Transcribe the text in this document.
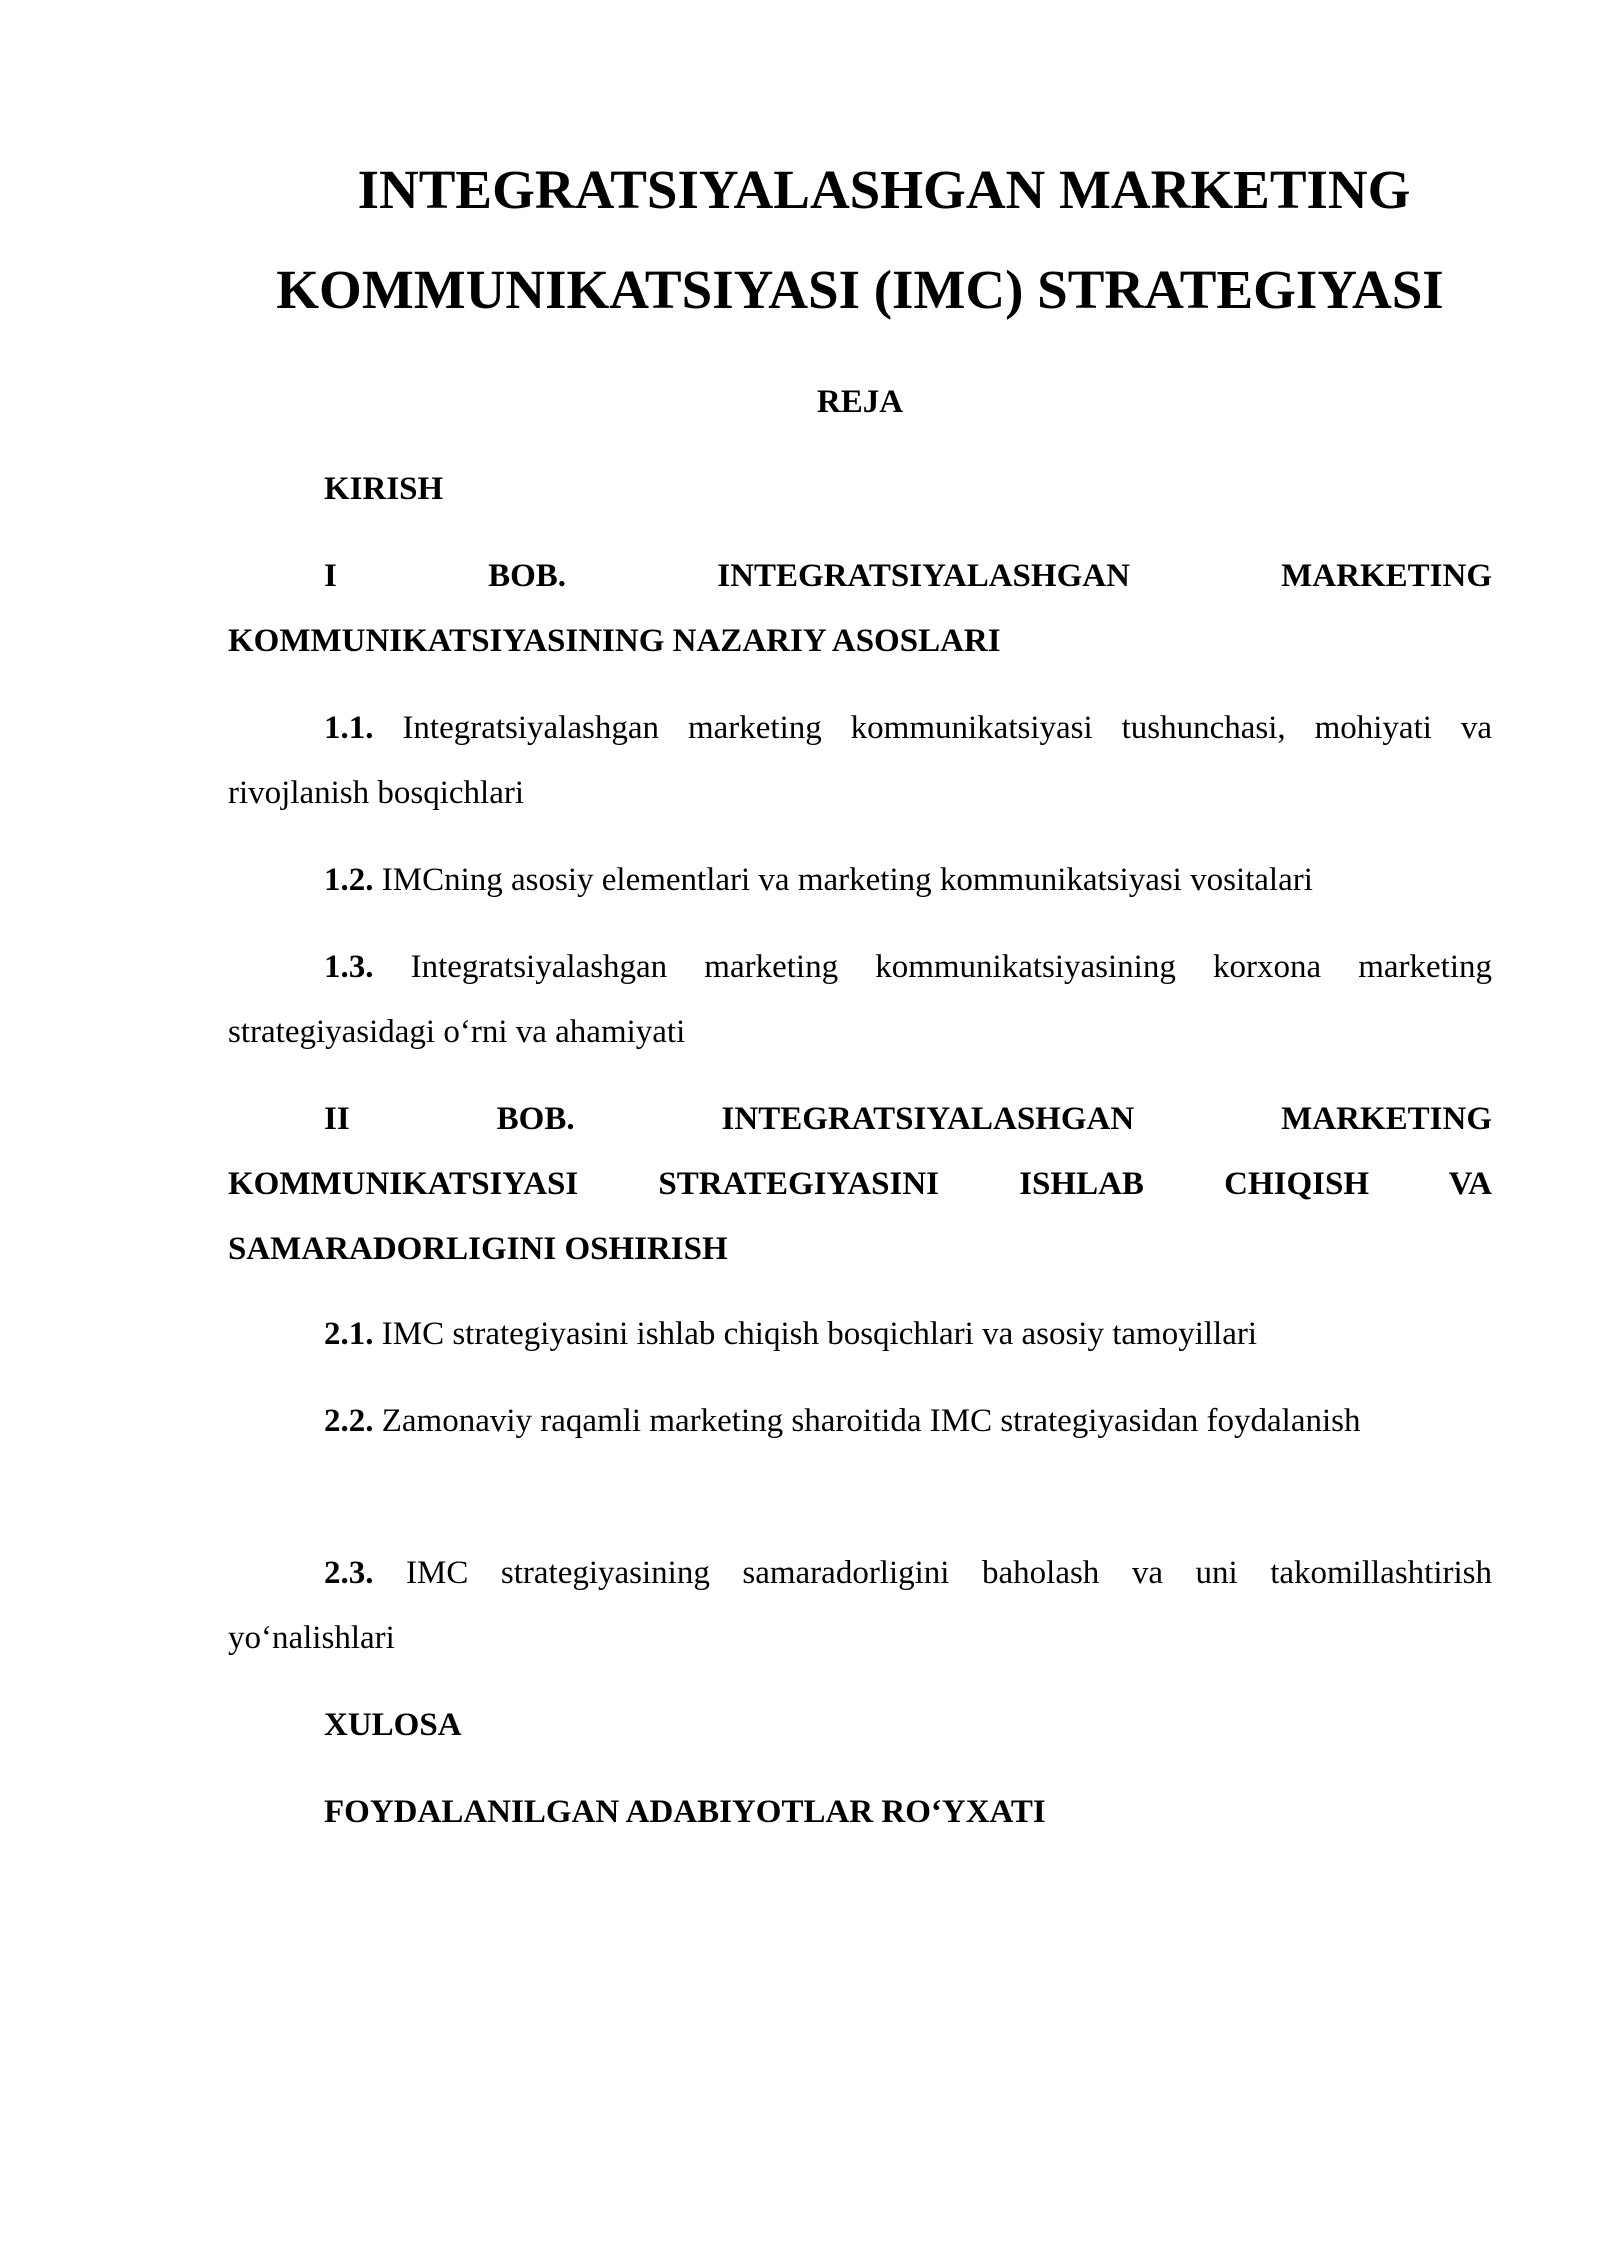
INTEGRATSIYALASHGAN MARKETING
KOMMUNIKATSIYASI (IMC) STRATEGIYASI
REJA
KIRISH
I BOB. INTEGRATSIYALASHGAN MARKETING
KOMMUNIKATSIYASINING NAZARIY ASOSLARI
1.1. Integratsiyalashgan marketing kommunikatsiyasi tushunchasi, mohiyati va rivojlanish bosqichlari
1.2. IMCning asosiy elementlari va marketing kommunikatsiyasi vositalari
1.3. Integratsiyalashgan marketing kommunikatsiyasining korxona marketing strategiyasidagi o‘rni va ahamiyati
II BOB. INTEGRATSIYALASHGAN MARKETING
KOMMUNIKATSIYASI STRATEGIYASINI ISHLAB CHIQISH VA
SAMARADORLIGINI OSHIRISH
2.1. IMC strategiyasini ishlab chiqish bosqichlari va asosiy tamoyillari
2.2. Zamonaviy raqamli marketing sharoitida IMC strategiyasidan foydalanish
2.3. IMC strategiyasining samaradorligini baholash va uni takomillashtirish yo‘nalishlari
XULOSA
FOYDALANILGAN ADABIYOTLAR RO‘YXATI
